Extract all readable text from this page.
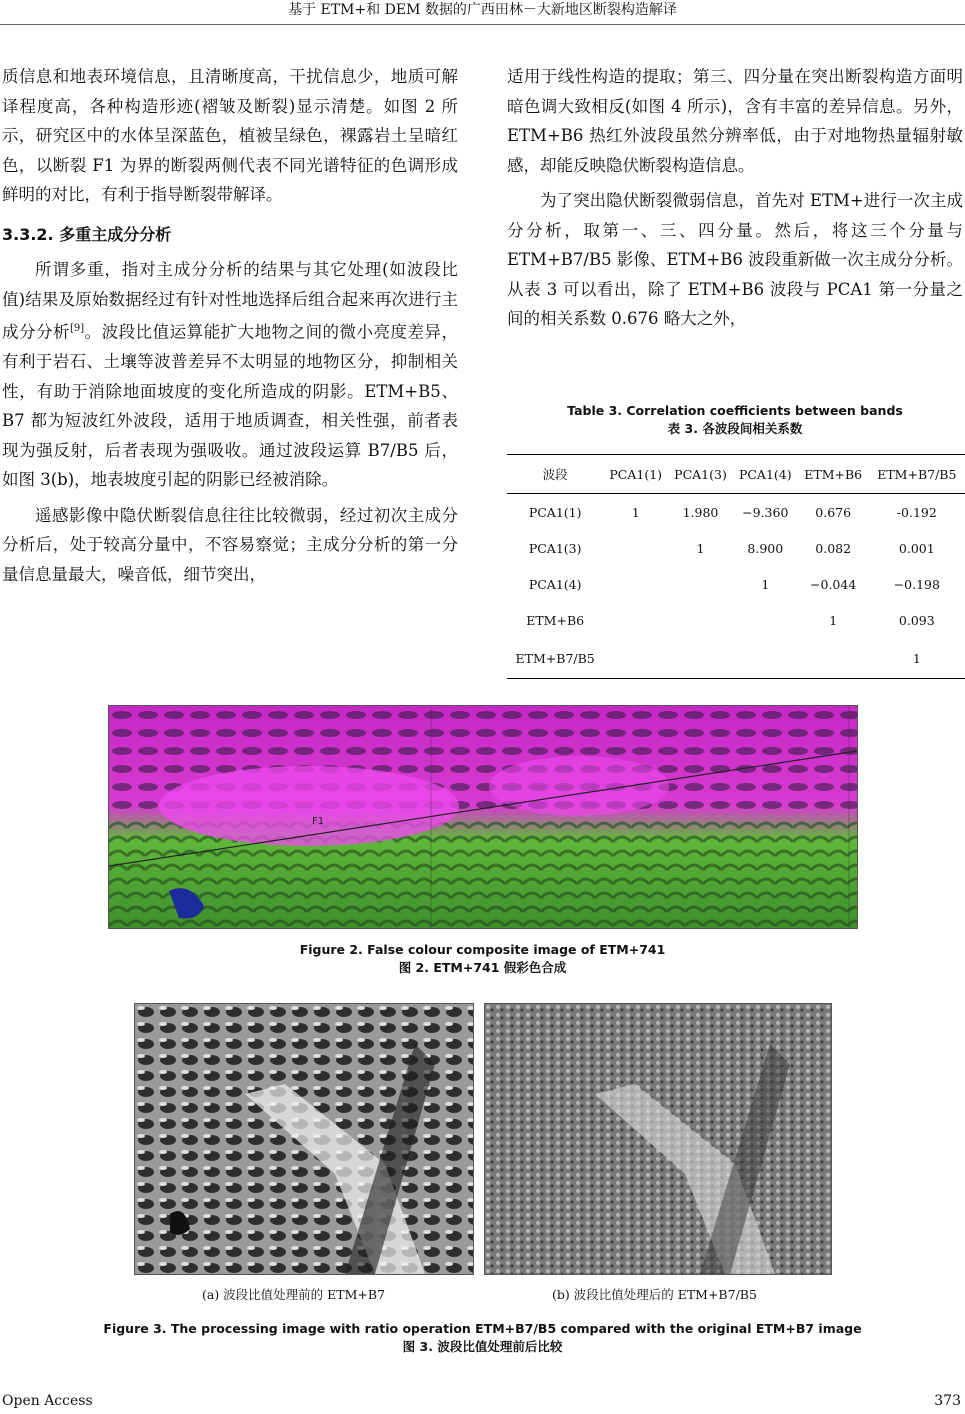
基于 ETM+和 DEM 数据的广西田林－大新地区断裂构造解译

质信息和地表环境信息，且清晰度高，干扰信息少，地质可解译程度高，各种构造形迹(褶皱及断裂)显示清楚。如图 2 所示，研究区中的水体呈深蓝色，植被呈绿色，裸露岩土呈暗红色，以断裂 F1 为界的断裂两侧代表不同光谱特征的色调形成鲜明的对比，有利于指导断裂带解译。

3.3.2. 多重主成分分析

所谓多重，指对主成分分析的结果与其它处理(如波段比值)结果及原始数据经过有针对性地选择后组合起来再次进行主成分分析[9]。波段比值运算能扩大地物之间的微小亮度差异，有利于岩石、土壤等波普差异不太明显的地物区分，抑制相关性，有助于消除地面坡度的变化所造成的阴影。ETM+B5、B7 都为短波红外波段，适用于地质调查，相关性强，前者表现为强反射，后者表现为强吸收。通过波段运算 B7/B5 后，如图 3(b)，地表坡度引起的阴影已经被消除。

遥感影像中隐伏断裂信息往往比较微弱，经过初次主成分分析后，处于较高分量中，不容易察觉；主成分分析的第一分量信息量最大，噪音低，细节突出，

适用于线性构造的提取；第三、四分量在突出断裂构造方面明暗色调大致相反(如图 4 所示)，含有丰富的差异信息。另外，ETM+B6 热红外波段虽然分辨率低，由于对地物热量辐射敏感，却能反映隐伏断裂构造信息。

为了突出隐伏断裂微弱信息，首先对 ETM+进行一次主成分分析，取第一、三、四分量。然后，将这三个分量与 ETM+B7/B5 影像、ETM+B6 波段重新做一次主成分分析。从表 3 可以看出，除了 ETM+B6 波段与 PCA1 第一分量之间的相关系数 0.676 略大之外，

Table 3. Correlation coefficients between bands
表 3. 各波段间相关系数
波段	PCA1(1)	PCA1(3)	PCA1(4)	ETM+B6	ETM+B7/B5
PCA1(1)	1	1.980	−9.360	0.676	-0.192
PCA1(3)		1	8.900	0.082	0.001
PCA1(4)			1	−0.044	−0.198
ETM+B6				1	0.093
ETM+B7/B5					1
F1
Figure 2. False colour composite image of ETM+741
图 2. ETM+741 假彩色合成
(a) 波段比值处理前的 ETM+B7	(b) 波段比值处理后的 ETM+B7/B5
Figure 3. The processing image with ratio operation ETM+B7/B5 compared with the original ETM+B7 image
图 3. 波段比值处理前后比较
Open Access	373
